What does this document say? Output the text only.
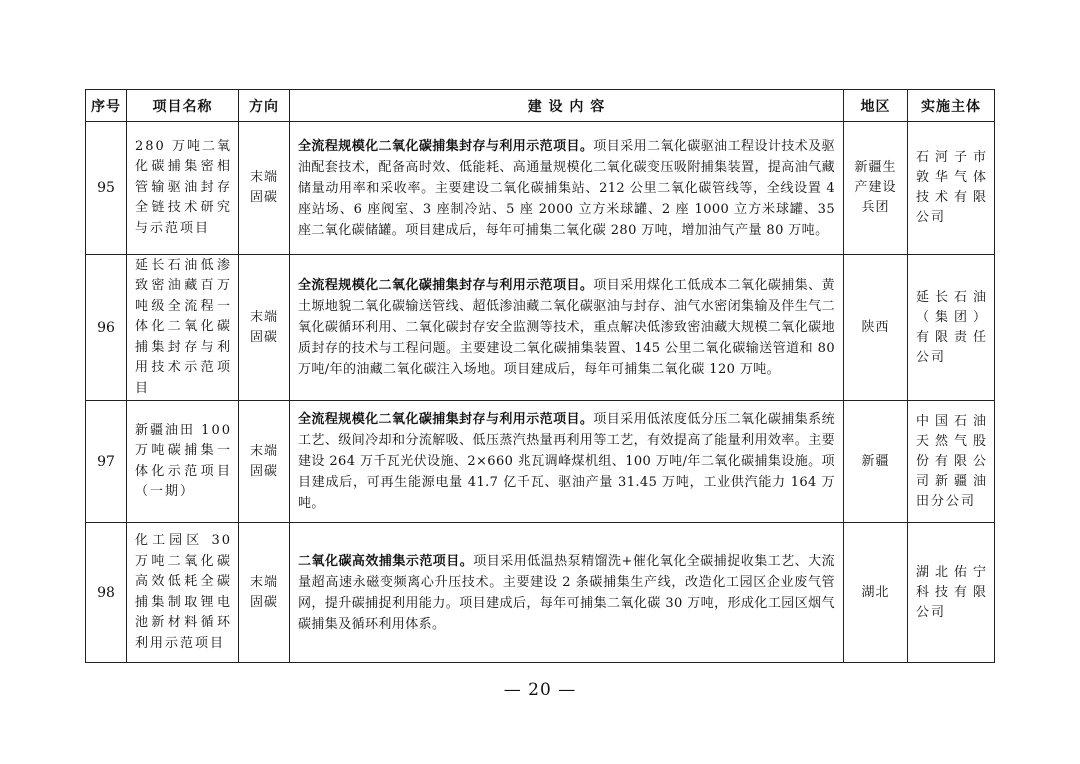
序号	项目名称	方向	建 设 内 容	地区	实施主体
95	280 万吨二氧化碳捕集密相管输驱油封存全链技术研究与示范项目	末端固碳	全流程规模化二氧化碳捕集封存与利用示范项目。项目采用二氧化碳驱油工程设计技术及驱油配套技术，配备高时效、低能耗、高通量规模化二氧化碳变压吸附捕集装置，提高油气藏储量动用率和采收率。主要建设二氧化碳捕集站、212 公里二氧化碳管线等，全线设置 4 座站场、6 座阀室、3 座制冷站、5 座 2000 立方米球罐、2 座 1000 立方米球罐、35 座二氧化碳储罐。项目建成后，每年可捕集二氧化碳 280 万吨，增加油气产量 80 万吨。	新疆生产建设兵团	石河子市敦华气体技术有限公司
96	延长石油低渗致密油藏百万吨级全流程一体化二氧化碳捕集封存与利用技术示范项目	末端固碳	全流程规模化二氧化碳捕集封存与利用示范项目。项目采用煤化工低成本二氧化碳捕集、黄土塬地貌二氧化碳输送管线、超低渗油藏二氧化碳驱油与封存、油气水密闭集输及伴生气二氧化碳循环利用、二氧化碳封存安全监测等技术，重点解决低渗致密油藏大规模二氧化碳地质封存的技术与工程问题。主要建设二氧化碳捕集装置、145 公里二氧化碳输送管道和 80 万吨/年的油藏二氧化碳注入场地。项目建成后，每年可捕集二氧化碳 120 万吨。	陕西	延长石油（集团）有限责任公司
97	新疆油田 100 万吨碳捕集一体化示范项目（一期）	末端固碳	全流程规模化二氧化碳捕集封存与利用示范项目。项目采用低浓度低分压二氧化碳捕集系统工艺、级间冷却和分流解吸、低压蒸汽热量再利用等工艺，有效提高了能量利用效率。主要建设 264 万千瓦光伏设施、2×660 兆瓦调峰煤机组、100 万吨/年二氧化碳捕集设施。项目建成后，可再生能源电量 41.7 亿千瓦、驱油产量 31.45 万吨，工业供汽能力 164 万吨。	新疆	中国石油天然气股份有限公司新疆油田分公司
98	化工园区 30 万吨二氧化碳高效低耗全碳捕集制取锂电池新材料循环利用示范项目	末端固碳	二氧化碳高效捕集示范项目。项目采用低温热泵精馏洗+催化氧化全碳捕捉收集工艺、大流量超高速永磁变频离心升压技术。主要建设 2 条碳捕集生产线，改造化工园区企业废气管网，提升碳捕捉利用能力。项目建成后，每年可捕集二氧化碳 30 万吨，形成化工园区烟气碳捕集及循环利用体系。	湖北	湖北佑宁科技有限公司
— 20 —
